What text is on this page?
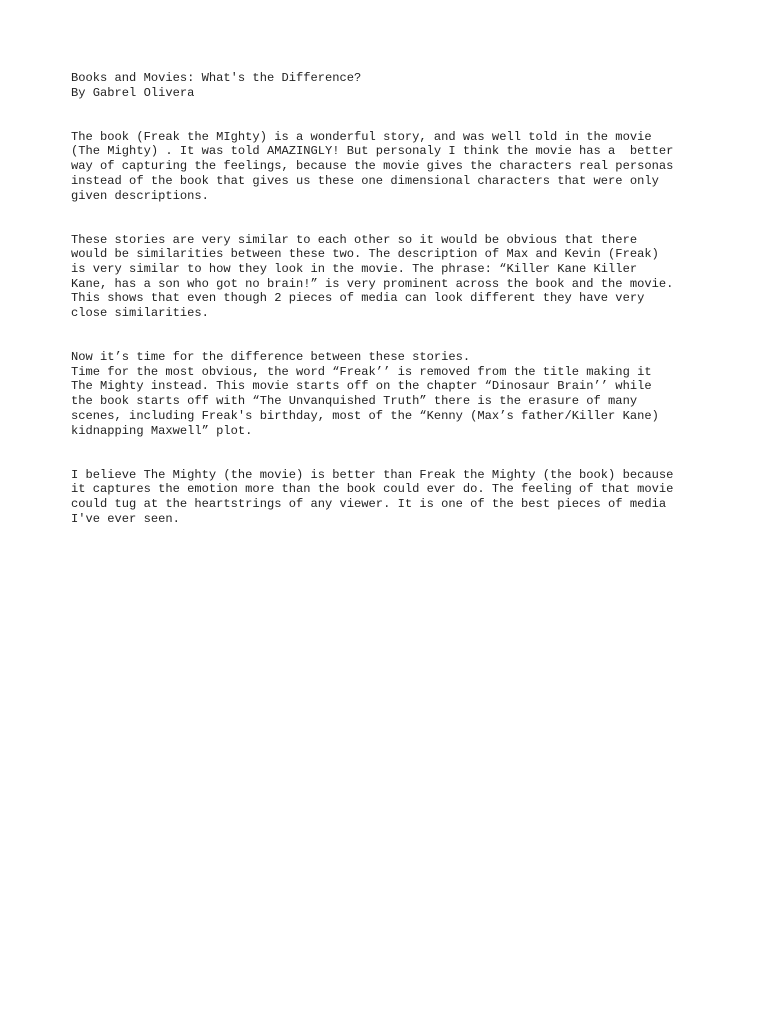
Books and Movies: What's the Difference?
By Gabrel Olivera
The book (Freak the MIghty) is a wonderful story, and was well told in the movie
(The Mighty) . It was told AMAZINGLY! But personaly I think the movie has a  better
way of capturing the feelings, because the movie gives the characters real personas
instead of the book that gives us these one dimensional characters that were only
given descriptions.
These stories are very similar to each other so it would be obvious that there
would be similarities between these two. The description of Max and Kevin (Freak)
is very similar to how they look in the movie. The phrase: “Killer Kane Killer
Kane, has a son who got no brain!” is very prominent across the book and the movie.
This shows that even though 2 pieces of media can look different they have very
close similarities.
Now it’s time for the difference between these stories.
Time for the most obvious, the word “Freak’’ is removed from the title making it
The Mighty instead. This movie starts off on the chapter “Dinosaur Brain’’ while
the book starts off with “The Unvanquished Truth” there is the erasure of many
scenes, including Freak's birthday, most of the “Kenny (Max’s father/Killer Kane)
kidnapping Maxwell” plot.
I believe The Mighty (the movie) is better than Freak the Mighty (the book) because
it captures the emotion more than the book could ever do. The feeling of that movie
could tug at the heartstrings of any viewer. It is one of the best pieces of media
I've ever seen.
